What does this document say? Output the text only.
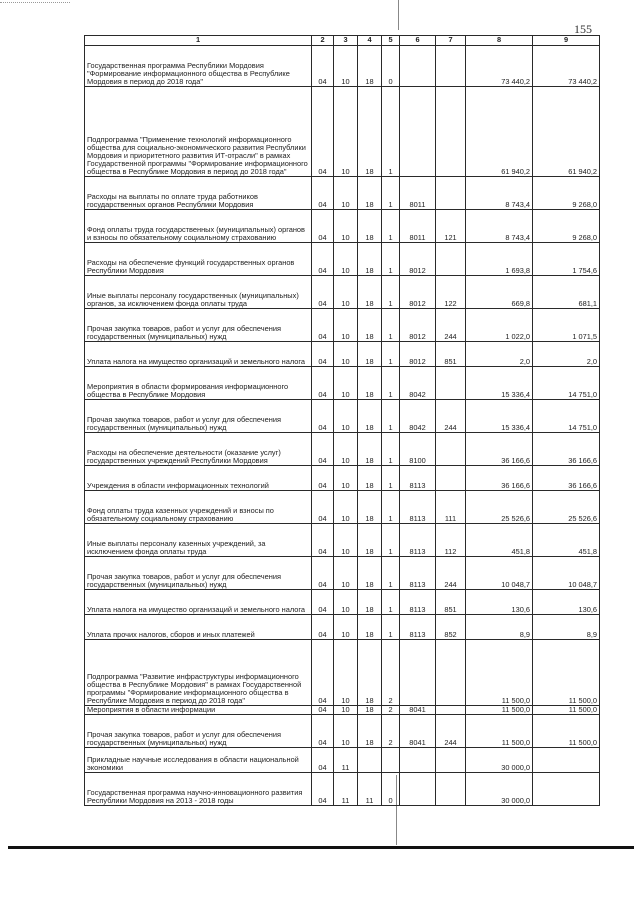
155
1	2	3	4	5	6	7	8	9
Государственная программа Республики Мордовия "Формирование информационного общества в Республике Мордовия в период до 2018 года"	04	10	18	0			73 440,2	73 440,2
Подпрограмма "Применение технологий информационного общества для социально-экономического развития Республики Мордовия и приоритетного развития ИТ-отрасли" в рамках Государственной программы "Формирование информационного общества в Республике Мордовия в период до 2018 года"	04	10	18	1			61 940,2	61 940,2
Расходы на выплаты по оплате труда работников государственных органов Республики Мордовия	04	10	18	1	8011		8 743,4	9 268,0
Фонд оплаты труда государственных (муниципальных) органов и взносы по обязательному социальному страхованию	04	10	18	1	8011	121	8 743,4	9 268,0
Расходы на обеспечение функций государственных органов Республики Мордовия	04	10	18	1	8012		1 693,8	1 754,6
Иные выплаты персоналу государственных (муниципальных) органов, за исключением фонда оплаты труда	04	10	18	1	8012	122	669,8	681,1
Прочая закупка товаров, работ и услуг для обеспечения государственных (муниципальных) нужд	04	10	18	1	8012	244	1 022,0	1 071,5
Уплата налога на имущество организаций и земельного налога	04	10	18	1	8012	851	2,0	2,0
Мероприятия в области формирования информационного общества в Республике Мордовия	04	10	18	1	8042		15 336,4	14 751,0
Прочая закупка товаров, работ и услуг для обеспечения государственных (муниципальных) нужд	04	10	18	1	8042	244	15 336,4	14 751,0
Расходы на обеспечение деятельности (оказание услуг) государственных учреждений Республики Мордовия	04	10	18	1	8100		36 166,6	36 166,6
Учреждения в области информационных технологий	04	10	18	1	8113		36 166,6	36 166,6
Фонд оплаты труда казенных учреждений и взносы по обязательному социальному страхованию	04	10	18	1	8113	111	25 526,6	25 526,6
Иные выплаты персоналу казенных учреждений, за исключением фонда оплаты труда	04	10	18	1	8113	112	451,8	451,8
Прочая закупка товаров, работ и услуг для обеспечения государственных (муниципальных) нужд	04	10	18	1	8113	244	10 048,7	10 048,7
Уплата налога на имущество организаций и земельного налога	04	10	18	1	8113	851	130,6	130,6
Уплата прочих налогов, сборов и иных платежей	04	10	18	1	8113	852	8,9	8,9
Подпрограмма "Развитие инфраструктуры информационного общества в Республике Мордовия" в рамках Государственной программы "Формирование информационного общества в Республике Мордовия в период до 2018 года"	04	10	18	2			11 500,0	11 500,0
Мероприятия в области информации	04	10	18	2	8041		11 500,0	11 500,0
Прочая закупка товаров, работ и услуг для обеспечения государственных (муниципальных) нужд	04	10	18	2	8041	244	11 500,0	11 500,0
Прикладные научные исследования в области национальной экономики	04	11					30 000,0	
Государственная программа научно-инновационного развития Республики Мордовия на 2013 - 2018 годы	04	11	11	0			30 000,0	
